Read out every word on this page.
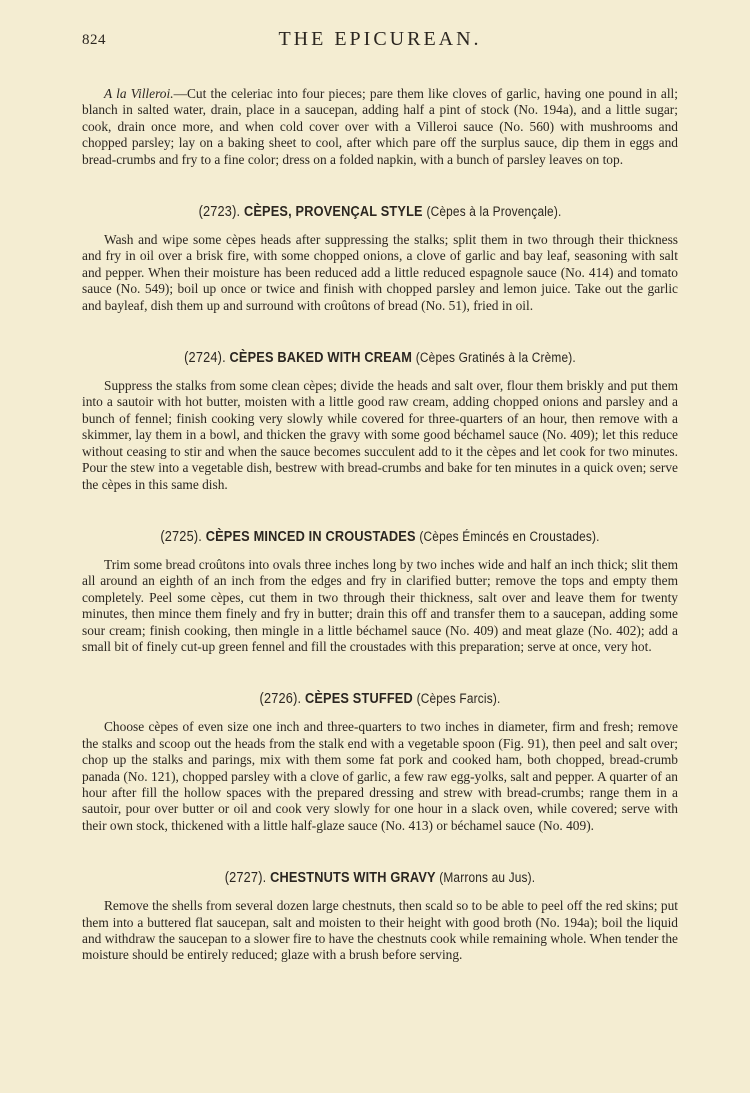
824	THE EPICUREAN.

A la Villeroi.—Cut the celeriac into four pieces; pare them like cloves of garlic, having one pound in all; blanch in salted water, drain, place in a saucepan, adding half a pint of stock (No. 194a), and a little sugar; cook, drain once more, and when cold cover over with a Villeroi sauce (No. 560) with mushrooms and chopped parsley; lay on a baking sheet to cool, after which pare off the surplus sauce, dip them in eggs and bread-crumbs and fry to a fine color; dress on a folded napkin, with a bunch of parsley leaves on top.

(2723). CÈPES, PROVENÇAL STYLE (Cèpes à la Provençale).

Wash and wipe some cèpes heads after suppressing the stalks; split them in two through their thickness and fry in oil over a brisk fire, with some chopped onions, a clove of garlic and bay leaf, seasoning with salt and pepper. When their moisture has been reduced add a little reduced espagnole sauce (No. 414) and tomato sauce (No. 549); boil up once or twice and finish with chopped parsley and lemon juice. Take out the garlic and bayleaf, dish them up and surround with croûtons of bread (No. 51), fried in oil.

(2724). CÈPES BAKED WITH CREAM (Cèpes Gratinés à la Crème).

Suppress the stalks from some clean cèpes; divide the heads and salt over, flour them briskly and put them into a sautoir with hot butter, moisten with a little good raw cream, adding chopped onions and parsley and a bunch of fennel; finish cooking very slowly while covered for three-quarters of an hour, then remove with a skimmer, lay them in a bowl, and thicken the gravy with some good béchamel sauce (No. 409); let this reduce without ceasing to stir and when the sauce becomes succulent add to it the cèpes and let cook for two minutes. Pour the stew into a vegetable dish, bestrew with bread-crumbs and bake for ten minutes in a quick oven; serve the cèpes in this same dish.

(2725). CÈPES MINCED IN CROUSTADES (Cèpes Émincés en Croustades).

Trim some bread croûtons into ovals three inches long by two inches wide and half an inch thick; slit them all around an eighth of an inch from the edges and fry in clarified butter; remove the tops and empty them completely. Peel some cèpes, cut them in two through their thickness, salt over and leave them for twenty minutes, then mince them finely and fry in butter; drain this off and transfer them to a saucepan, adding some sour cream; finish cooking, then mingle in a little béchamel sauce (No. 409) and meat glaze (No. 402); add a small bit of finely cut-up green fennel and fill the croustades with this preparation; serve at once, very hot.

(2726). CÈPES STUFFED (Cèpes Farcis).

Choose cèpes of even size one inch and three-quarters to two inches in diameter, firm and fresh; remove the stalks and scoop out the heads from the stalk end with a vegetable spoon (Fig. 91), then peel and salt over; chop up the stalks and parings, mix with them some fat pork and cooked ham, both chopped, bread-crumb panada (No. 121), chopped parsley with a clove of garlic, a few raw egg-yolks, salt and pepper. A quarter of an hour after fill the hollow spaces with the prepared dressing and strew with bread-crumbs; range them in a sautoir, pour over butter or oil and cook very slowly for one hour in a slack oven, while covered; serve with their own stock, thickened with a little half-glaze sauce (No. 413) or béchamel sauce (No. 409).

(2727). CHESTNUTS WITH GRAVY (Marrons au Jus).

Remove the shells from several dozen large chestnuts, then scald so to be able to peel off the red skins; put them into a buttered flat saucepan, salt and moisten to their height with good broth (No. 194a); boil the liquid and withdraw the saucepan to a slower fire to have the chestnuts cook while remaining whole. When tender the moisture should be entirely reduced; glaze with a brush before serving.
